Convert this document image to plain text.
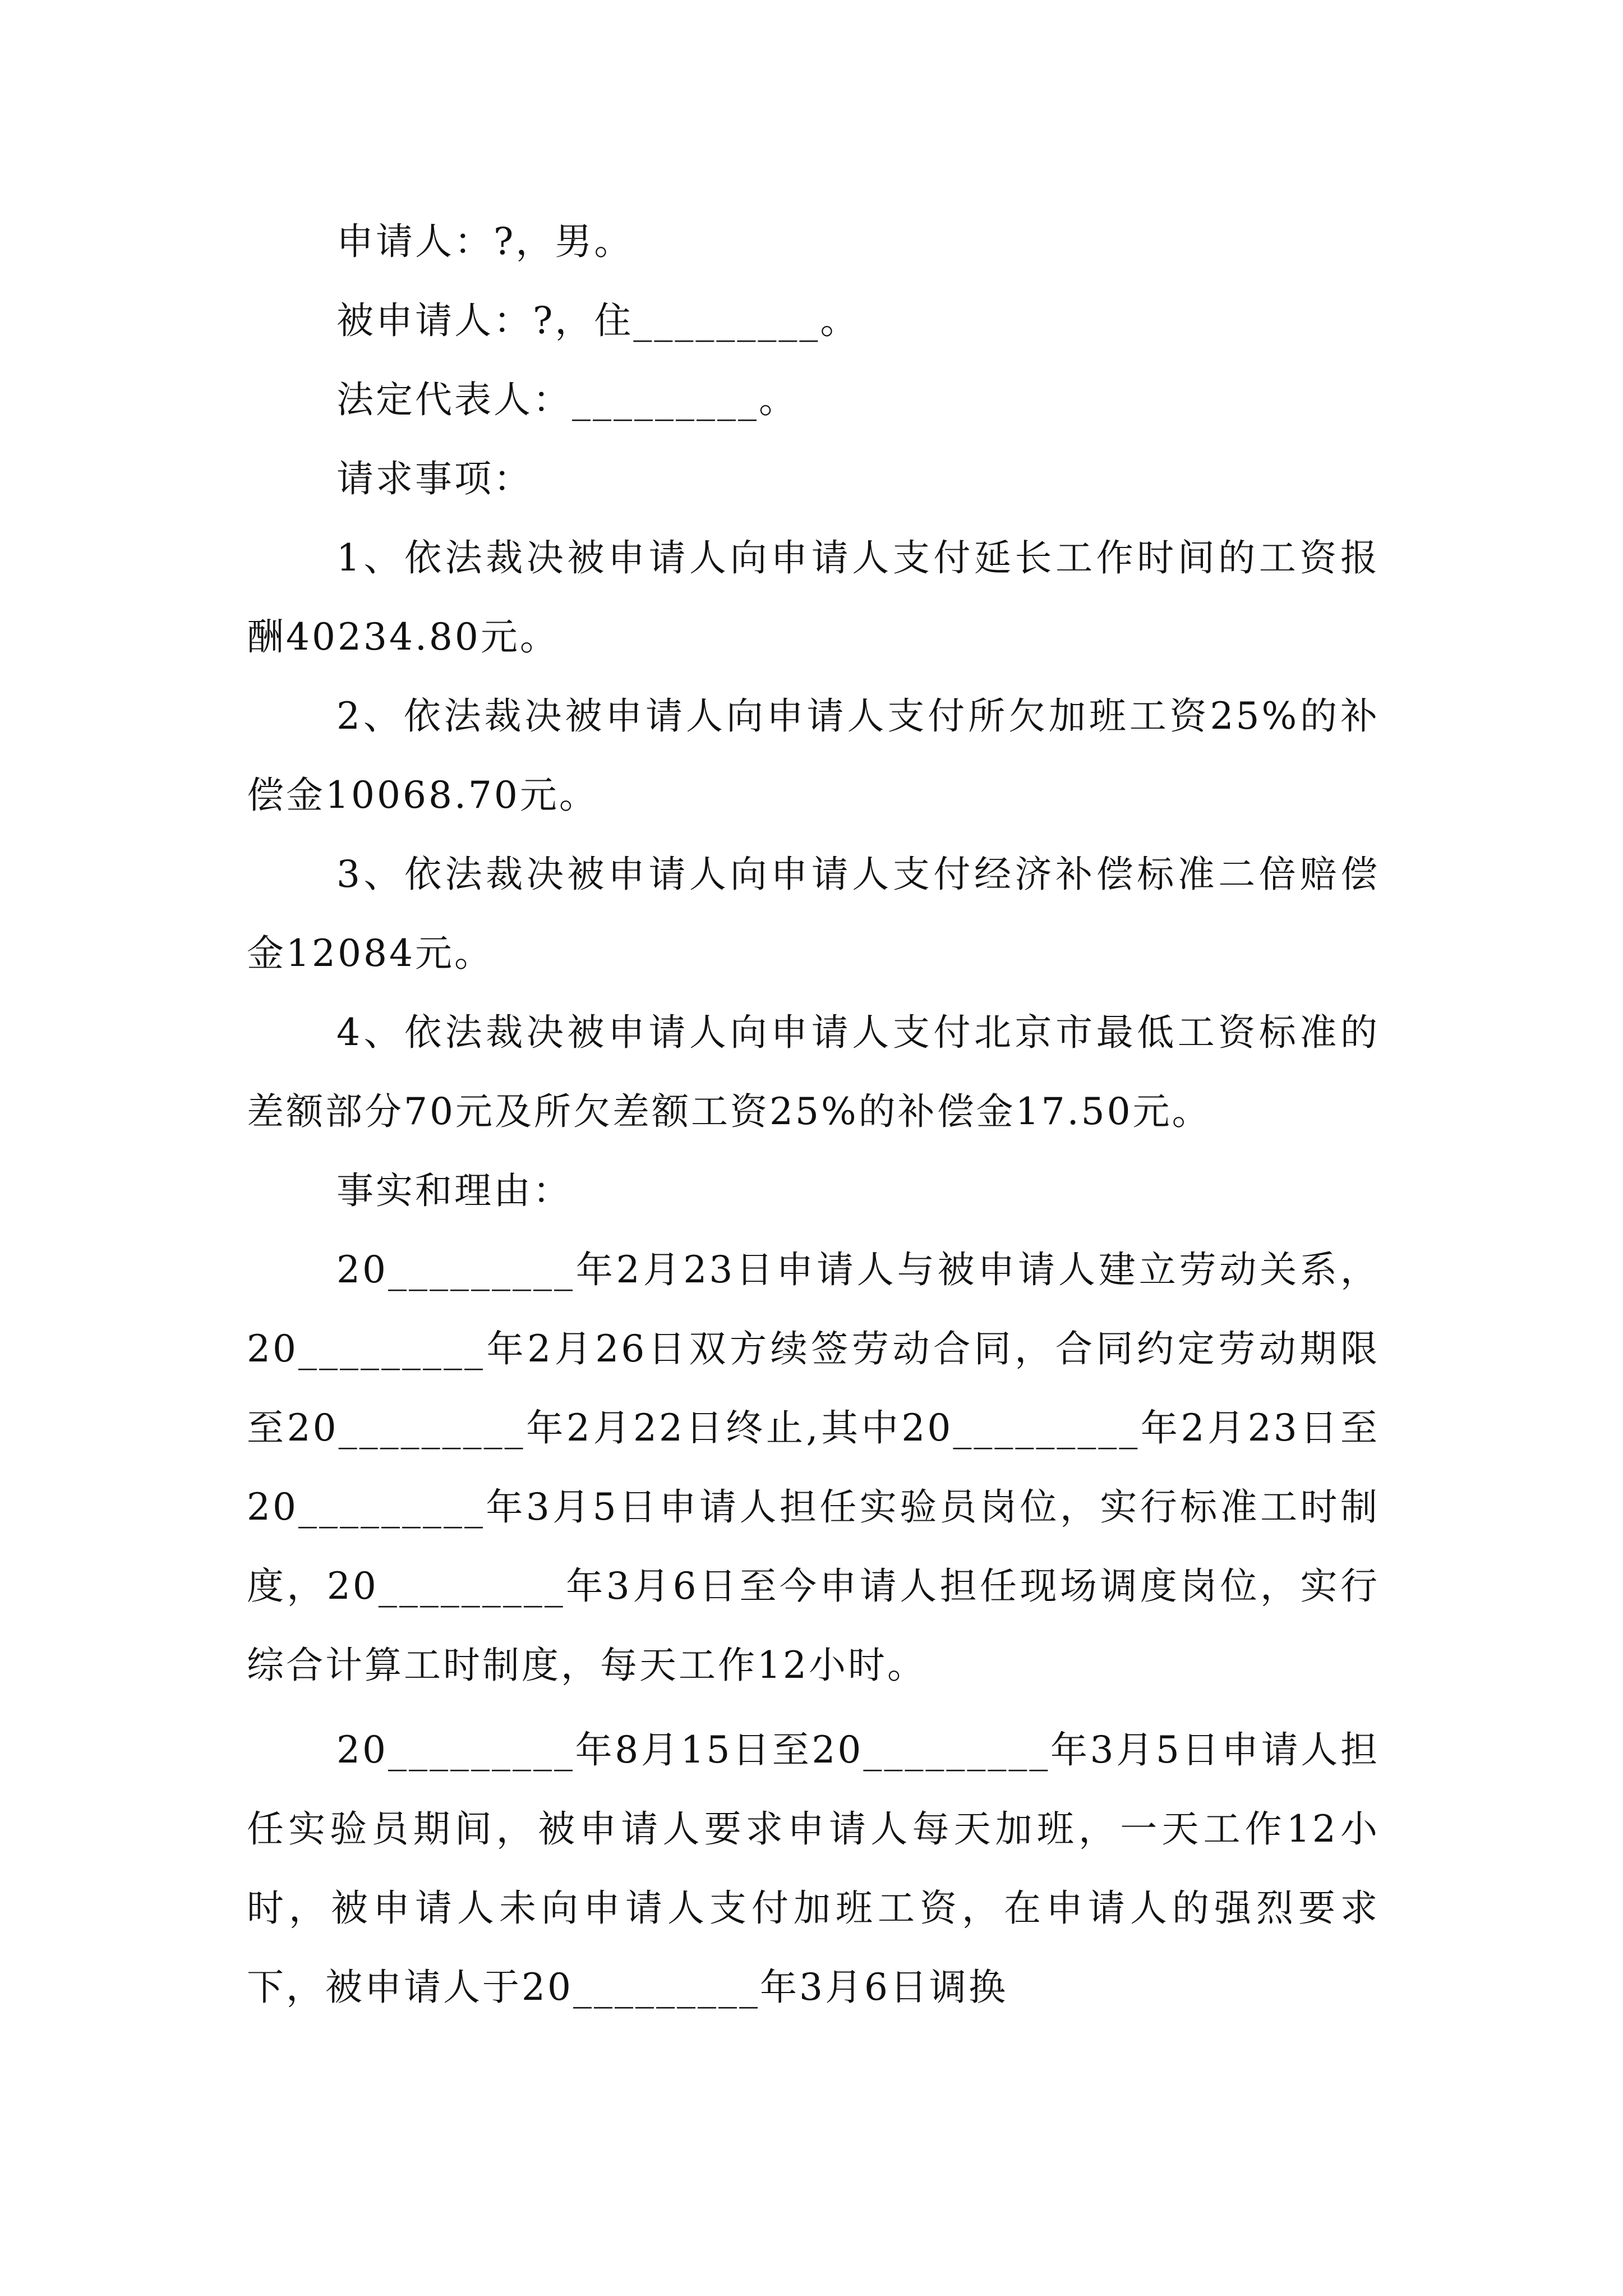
申请人：?，男。

被申请人：?，住_________。

法定代表人：_________。

请求事项：

1、依法裁决被申请人向申请人支付延长工作时间的工资报酬40234.80元。

2、依法裁决被申请人向申请人支付所欠加班工资25%的补偿金10068.70元。

3、依法裁决被申请人向申请人支付经济补偿标准二倍赔偿金12084元。

4、依法裁决被申请人向申请人支付北京市最低工资标准的差额部分70元及所欠差额工资25%的补偿金17.50元。

事实和理由：

20_________年2月23日申请人与被申请人建立劳动关系，20_________年2月26日双方续签劳动合同，合同约定劳动期限至20_________年2月22日终止,其中20_________年2月23日至20_________年3月5日申请人担任实验员岗位，实行标准工时制度，20_________年3月6日至今申请人担任现场调度岗位，实行综合计算工时制度，每天工作12小时。

20_________年8月15日至20_________年3月5日申请人担任实验员期间，被申请人要求申请人每天加班，一天工作12小时，被申请人未向申请人支付加班工资，在申请人的强烈要求下，被申请人于20_________年3月6日调换
